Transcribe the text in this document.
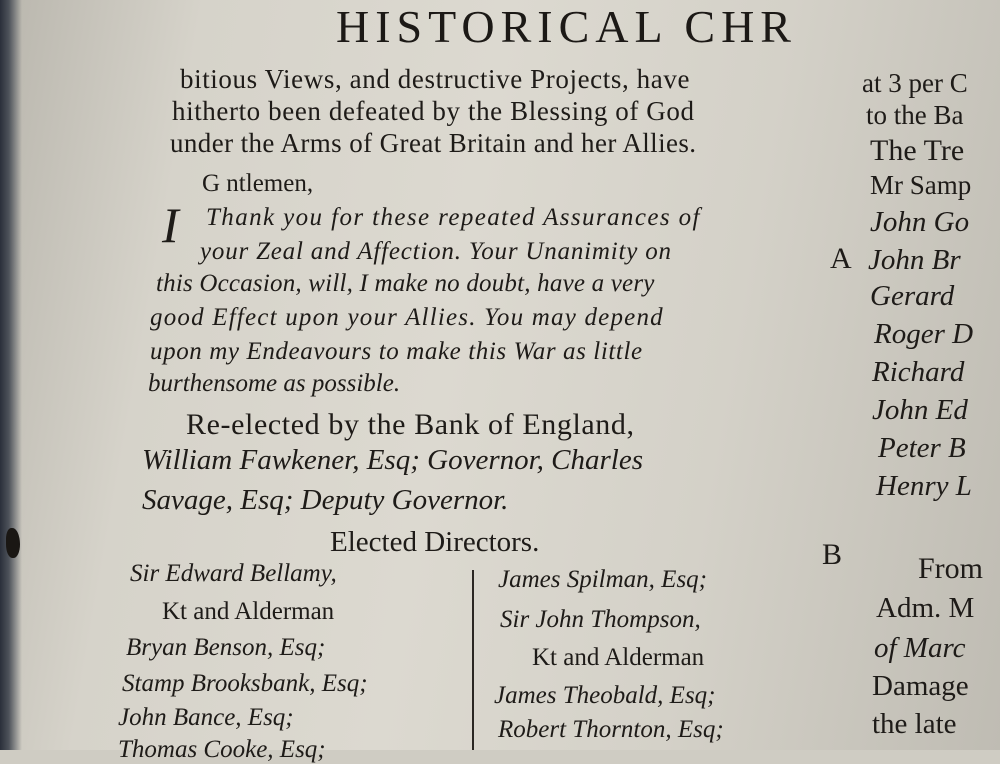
HISTORICAL CHR
bitious Views, and destructive Projects, have
hitherto been defeated by the Blessing of God
under the Arms of Great Britain and her Allies.
G ntlemen,
I Thank you for these repeated Assurances of
your Zeal and Affection. Your Unanimity on
this Occasion, will, I make no doubt, have a very
good Effect upon your Allies. You may depend
upon my Endeavours to make this War as little
burthensome as possible.
Re-elected by the Bank of England,
William Fawkener, Esq; Governor, Charles
Savage, Esq; Deputy Governor.
Elected Directors.
Sir Edward Bellamy,
Kt and Alderman
Bryan Benson, Esq;
Stamp Brooksbank, Esq;
John Bance, Esq;
Thomas Cooke, Esq;
James Spilman, Esq;
Sir John Thompson,
Kt and Alderman
James Theobald, Esq;
Robert Thornton, Esq;
A
B
at 3 per C
to the Ba
The Tre
Mr Samp
John Go
John Br
Gerard
Roger D
Richard
John Ed
Peter B
Henry L
From
Adm. M
of Marc
Damage
the late
